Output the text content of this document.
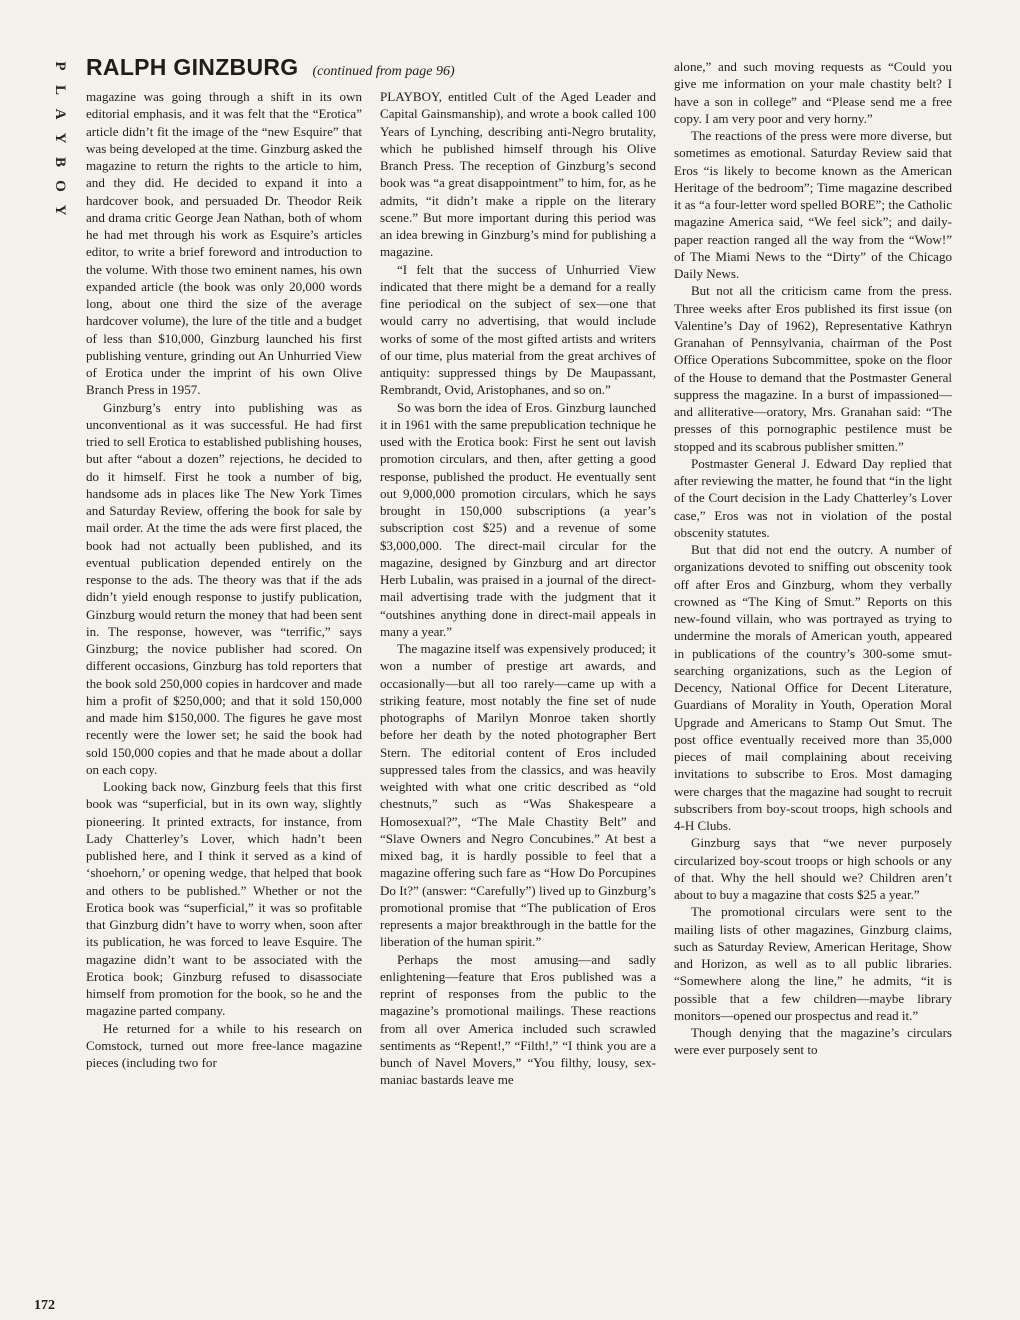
P
L
A
Y
B
O
Y
RALPH GINZBURG (continued from page 96)

magazine was going through a shift in its own editorial emphasis, and it was felt that the “Erotica” article didn’t fit the image of the “new Esquire” that was being developed at the time. Ginzburg asked the magazine to return the rights to the article to him, and they did. He decided to expand it into a hardcover book, and persuaded Dr. Theodor Reik and drama critic George Jean Nathan, both of whom he had met through his work as Esquire’s articles editor, to write a brief foreword and introduction to the volume. With those two eminent names, his own expanded article (the book was only 20,000 words long, about one third the size of the average hardcover volume), the lure of the title and a budget of less than $10,000, Ginzburg launched his first publishing venture, grinding out An Unhurried View of Erotica under the imprint of his own Olive Branch Press in 1957.

Ginzburg’s entry into publishing was as unconventional as it was successful. He had first tried to sell Erotica to established publishing houses, but after “about a dozen” rejections, he decided to do it himself. First he took a number of big, handsome ads in places like The New York Times and Saturday Review, offering the book for sale by mail order. At the time the ads were first placed, the book had not actually been published, and its eventual publication depended entirely on the response to the ads. The theory was that if the ads didn’t yield enough response to justify publication, Ginzburg would return the money that had been sent in. The response, however, was “terrific,” says Ginzburg; the novice publisher had scored. On different occasions, Ginzburg has told reporters that the book sold 250,000 copies in hardcover and made him a profit of $250,000; and that it sold 150,000 and made him $150,000. The figures he gave most recently were the lower set; he said the book had sold 150,000 copies and that he made about a dollar on each copy.

Looking back now, Ginzburg feels that this first book was “superficial, but in its own way, slightly pioneering. It printed extracts, for instance, from Lady Chatterley’s Lover, which hadn’t been published here, and I think it served as a kind of ‘shoehorn,’ or opening wedge, that helped that book and others to be published.” Whether or not the Erotica book was “superficial,” it was so profitable that Ginzburg didn’t have to worry when, soon after its publication, he was forced to leave Esquire. The magazine didn’t want to be associated with the Erotica book; Ginzburg refused to disassociate himself from promotion for the book, so he and the magazine parted company.

He returned for a while to his research on Comstock, turned out more free-lance magazine pieces (including two for

PLAYBOY, entitled Cult of the Aged Leader and Capital Gainsmanship), and wrote a book called 100 Years of Lynching, describing anti-Negro brutality, which he published himself through his Olive Branch Press. The reception of Ginzburg’s second book was “a great disappointment” to him, for, as he admits, “it didn’t make a ripple on the literary scene.” But more important during this period was an idea brewing in Ginzburg’s mind for publishing a magazine.

“I felt that the success of Unhurried View indicated that there might be a demand for a really fine periodical on the subject of sex—one that would carry no advertising, that would include works of some of the most gifted artists and writers of our time, plus material from the great archives of antiquity: suppressed things by De Maupassant, Rembrandt, Ovid, Aristophanes, and so on.”

So was born the idea of Eros. Ginzburg launched it in 1961 with the same prepublication technique he used with the Erotica book: First he sent out lavish promotion circulars, and then, after getting a good response, published the product. He eventually sent out 9,000,000 promotion circulars, which he says brought in 150,000 subscriptions (a year’s subscription cost $25) and a revenue of some $3,000,000. The direct-mail circular for the magazine, designed by Ginzburg and art director Herb Lubalin, was praised in a journal of the direct-mail advertising trade with the judgment that it “outshines anything done in direct-mail appeals in many a year.”

The magazine itself was expensively produced; it won a number of prestige art awards, and occasionally—but all too rarely—came up with a striking feature, most notably the fine set of nude photographs of Marilyn Monroe taken shortly before her death by the noted photographer Bert Stern. The editorial content of Eros included suppressed tales from the classics, and was heavily weighted with what one critic described as “old chestnuts,” such as “Was Shakespeare a Homosexual?”, “The Male Chastity Belt” and “Slave Owners and Negro Concubines.” At best a mixed bag, it is hardly possible to feel that a magazine offering such fare as “How Do Porcupines Do It?” (answer: “Carefully”) lived up to Ginzburg’s promotional promise that “The publication of Eros represents a major breakthrough in the battle for the liberation of the human spirit.”

Perhaps the most amusing—and sadly enlightening—feature that Eros published was a reprint of responses from the public to the magazine’s promotional mailings. These reactions from all over America included such scrawled sentiments as “Repent!,” “Filth!,” “I think you are a bunch of Navel Movers,” “You filthy, lousy, sex-maniac bastards leave me

alone,” and such moving requests as “Could you give me information on your male chastity belt? I have a son in college” and “Please send me a free copy. I am very poor and very horny.”

The reactions of the press were more diverse, but sometimes as emotional. Saturday Review said that Eros “is likely to become known as the American Heritage of the bedroom”; Time magazine described it as “a four-letter word spelled BORE”; the Catholic magazine America said, “We feel sick”; and daily-paper reaction ranged all the way from the “Wow!” of The Miami News to the “Dirty” of the Chicago Daily News.

But not all the criticism came from the press. Three weeks after Eros published its first issue (on Valentine’s Day of 1962), Representative Kathryn Granahan of Pennsylvania, chairman of the Post Office Operations Subcommittee, spoke on the floor of the House to demand that the Postmaster General suppress the magazine. In a burst of impassioned—and alliterative—oratory, Mrs. Granahan said: “The presses of this pornographic pestilence must be stopped and its scabrous publisher smitten.”

Postmaster General J. Edward Day replied that after reviewing the matter, he found that “in the light of the Court decision in the Lady Chatterley’s Lover case,” Eros was not in violation of the postal obscenity statutes.

But that did not end the outcry. A number of organizations devoted to sniffing out obscenity took off after Eros and Ginzburg, whom they verbally crowned as “The King of Smut.” Reports on this new-found villain, who was portrayed as trying to undermine the morals of American youth, appeared in publications of the country’s 300-some smut-searching organizations, such as the Legion of Decency, National Office for Decent Literature, Guardians of Morality in Youth, Operation Moral Upgrade and Americans to Stamp Out Smut. The post office eventually received more than 35,000 pieces of mail complaining about receiving invitations to subscribe to Eros. Most damaging were charges that the magazine had sought to recruit subscribers from boy-scout troops, high schools and 4-H Clubs.

Ginzburg says that “we never purposely circularized boy-scout troops or high schools or any of that. Why the hell should we? Children aren’t about to buy a magazine that costs $25 a year.”

The promotional circulars were sent to the mailing lists of other magazines, Ginzburg claims, such as Saturday Review, American Heritage, Show and Horizon, as well as to all public libraries. “Somewhere along the line,” he admits, “it is possible that a few children—maybe library monitors—opened our prospectus and read it.”

Though denying that the magazine’s circulars were ever purposely sent to

172
